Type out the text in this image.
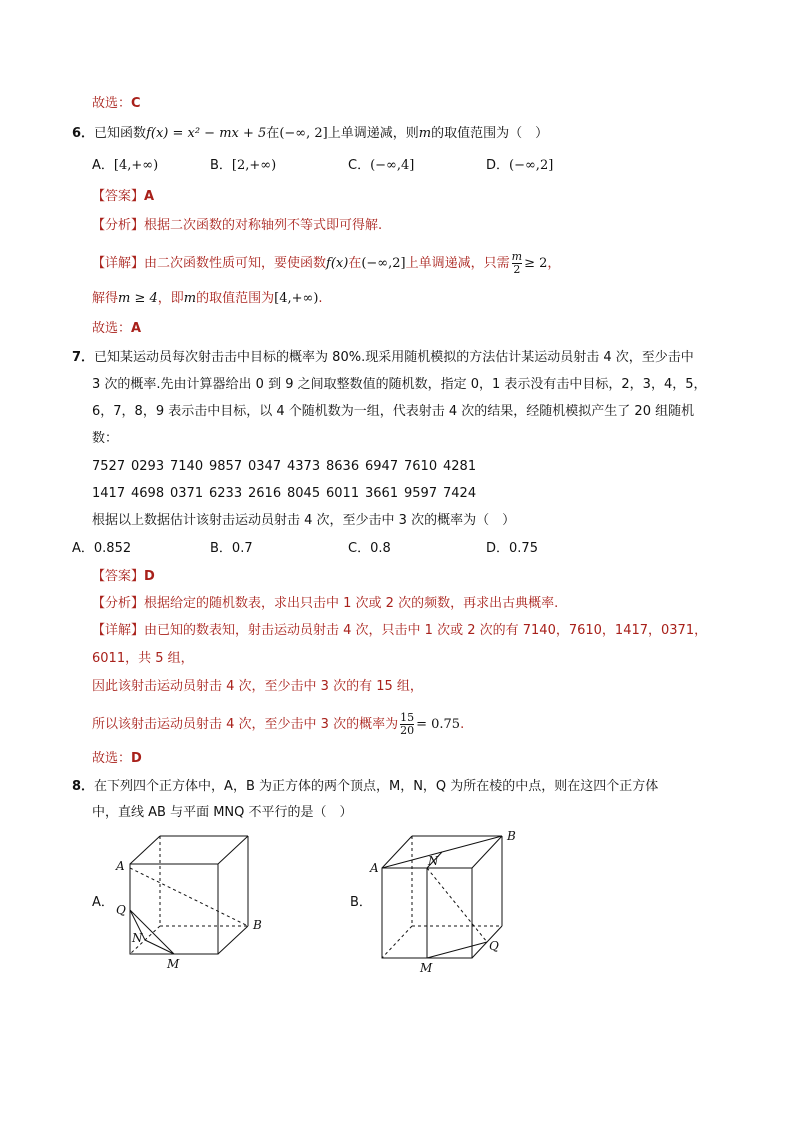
故选：C
6．已知函数f(x) = x² − mx + 5在(−∞, 2]上单调递减，则m的取值范围为（　）
A．[4,+∞)	B．[2,+∞)	C．(−∞,4]	D．(−∞,2]
【答案】A
【分析】根据二次函数的对称轴列不等式即可得解.
【详解】由二次函数性质可知，要使函数f(x)在(−∞,2]上单调递减，只需 $\frac{m}{2} \ge 2$，
解得m ≥ 4，即m的取值范围为[4,+∞).
故选：A
7．已知某运动员每次射击击中目标的概率为 80%.现采用随机模拟的方法估计某运动员射击 4 次，至少击中
3 次的概率.先由计算器给出 0 到 9 之间取整数值的随机数，指定 0，1 表示没有击中目标，2，3，4，5，
6，7，8，9 表示击中目标，以 4 个随机数为一组，代表射击 4 次的结果，经随机模拟产生了 20 组随机
数：
7527 0293 7140 9857 0347 4373 8636 6947 7610 4281
1417 4698 0371 6233 2616 8045 6011 3661 9597 7424
根据以上数据估计该射击运动员射击 4 次，至少击中 3 次的概率为（　）
A．0.852	B．0.7	C．0.8	D．0.75
【答案】D
【分析】根据给定的随机数表，求出只击中 1 次或 2 次的频数，再求出古典概率.
【详解】由已知的数表知，射击运动员射击 4 次，只击中 1 次或 2 次的有 7140，7610，1417，0371，
6011，共 5 组，
因此该射击运动员射击 4 次，至少击中 3 次的有 15 组，
所以该射击运动员射击 4 次，至少击中 3 次的概率为 $\frac{15}{20} = 0.75$.
故选：D
8．在下列四个正方体中，A，B 为正方体的两个顶点，M，N，Q 为所在棱的中点，则在这四个正方体
中，直线 AB 与平面 MNQ 不平行的是（　）
A．	B．
A
B
Q
N
M
A
B
N
Q
M
